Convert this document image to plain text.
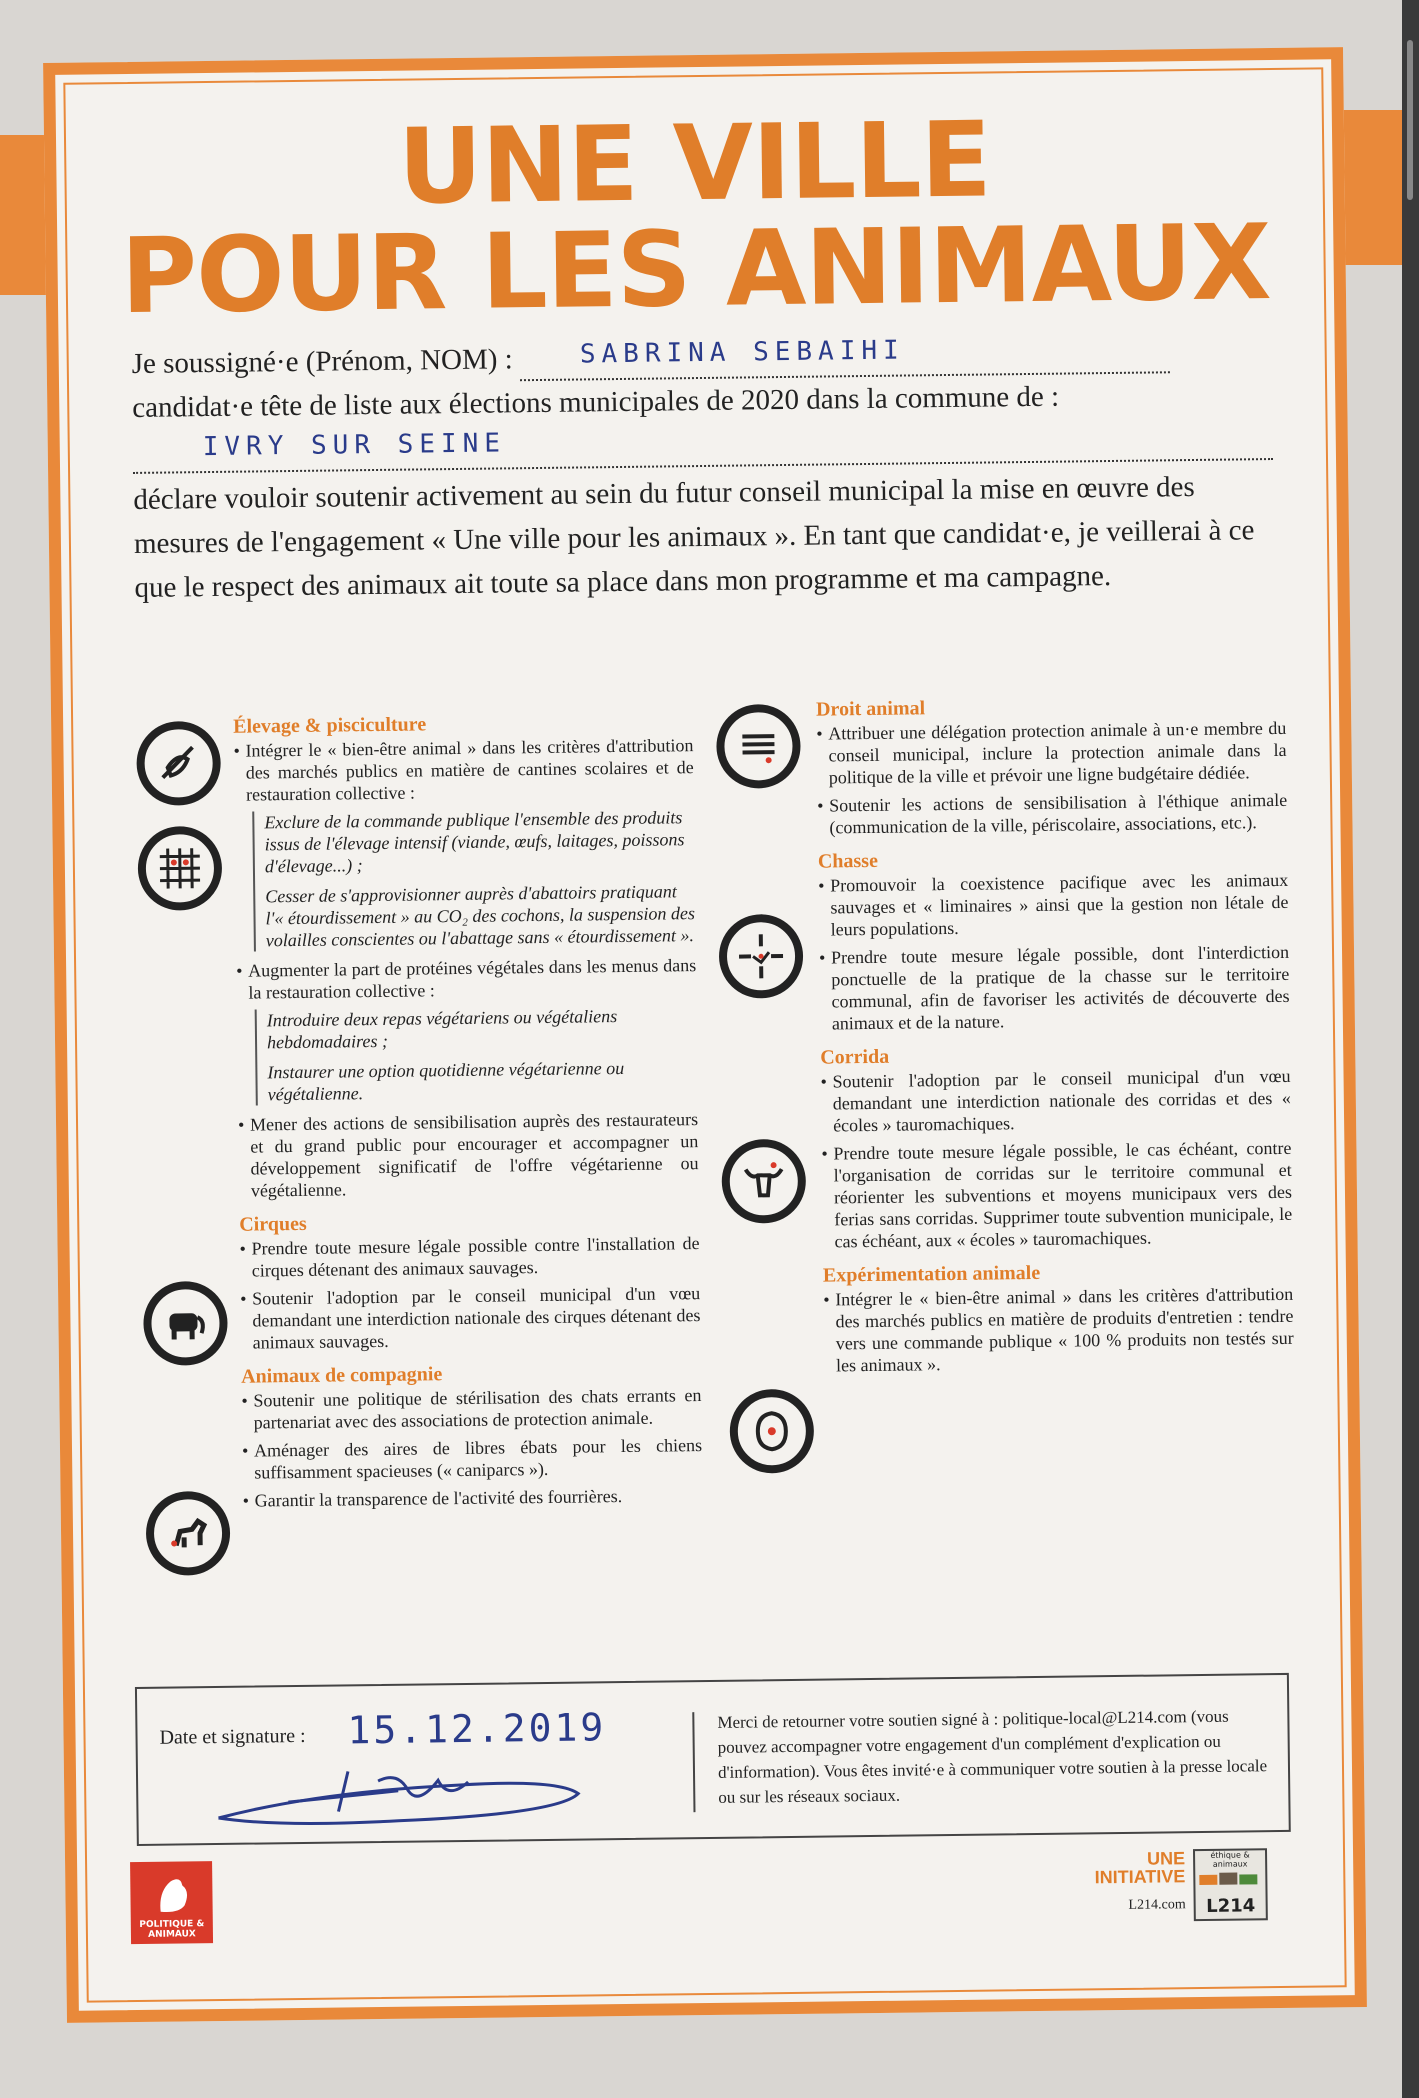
UNE VILLE
POUR LES ANIMAUX
Je soussigné·e (Prénom, NOM) :	SABRINA SEBAIHI
candidat·e tête de liste aux élections municipales de 2020 dans la commune de :
IVRY SUR SEINE
déclare vouloir soutenir activement au sein du futur conseil municipal la mise en œuvre des mesures de l'engagement « Une ville pour les animaux ». En tant que candidat·e, je veillerai à ce que le respect des animaux ait toute sa place dans mon programme et ma campagne.
Élevage & pisciculture

• Intégrer le « bien-être animal » dans les critères d'attribution des marchés publics en matière de cantines scolaires et de restauration collective :

Exclure de la commande publique l'ensemble des produits issus de l'élevage intensif (viande, œufs, laitages, poissons d'élevage...) ;

Cesser de s'approvisionner auprès d'abattoirs pratiquant l'« étourdissement » au CO₂ des cochons, la suspension des volailles conscientes ou l'abattage sans « étourdissement ».

• Augmenter la part de protéines végétales dans les menus dans la restauration collective :

Introduire deux repas végétariens ou végétaliens hebdomadaires ;

Instaurer une option quotidienne végétarienne ou végétalienne.

• Mener des actions de sensibilisation auprès des restaurateurs et du grand public pour encourager et accompagner un développement significatif de l'offre végétarienne ou végétalienne.

Cirques

• Prendre toute mesure légale possible contre l'installation de cirques détenant des animaux sauvages.

• Soutenir l'adoption par le conseil municipal d'un vœu demandant une interdiction nationale des cirques détenant des animaux sauvages.

Animaux de compagnie

• Soutenir une politique de stérilisation des chats errants en partenariat avec des associations de protection animale.

• Aménager des aires de libres ébats pour les chiens suffisamment spacieuses (« caniparcs »).

• Garantir la transparence de l'activité des fourrières.

Droit animal

• Attribuer une délégation protection animale à un·e membre du conseil municipal, inclure la protection animale dans la politique de la ville et prévoir une ligne budgétaire dédiée.

• Soutenir les actions de sensibilisation à l'éthique animale (communication de la ville, périscolaire, associations, etc.).

Chasse

• Promouvoir la coexistence pacifique avec les animaux sauvages et « liminaires » ainsi que la gestion non létale de leurs populations.

• Prendre toute mesure légale possible, dont l'interdiction ponctuelle de la pratique de la chasse sur le territoire communal, afin de favoriser les activités de découverte des animaux et de la nature.

Corrida

• Soutenir l'adoption par le conseil municipal d'un vœu demandant une interdiction nationale des corridas et des « écoles » tauromachiques.

• Prendre toute mesure légale possible, le cas échéant, contre l'organisation de corridas sur le territoire communal et réorienter les subventions et moyens municipaux vers des ferias sans corridas. Supprimer toute subvention municipale, le cas échéant, aux « écoles » tauromachiques.

Expérimentation animale

• Intégrer le « bien-être animal » dans les critères d'attribution des marchés publics en matière de produits d'entretien : tendre vers une commande publique « 100 % produits non testés sur les animaux ».

Date et signature : 15.12.2019	Merci de retourner votre soutien signé à : politique-local@L214.com (vous pouvez accompagner votre engagement d'un complément d'explication ou d'information). Vous êtes invité·e à communiquer votre soutien à la presse locale ou sur les réseaux sociaux.
POLITIQUE & ANIMAUX
UNE INITIATIVE
L214.com
éthique & animaux
L214
